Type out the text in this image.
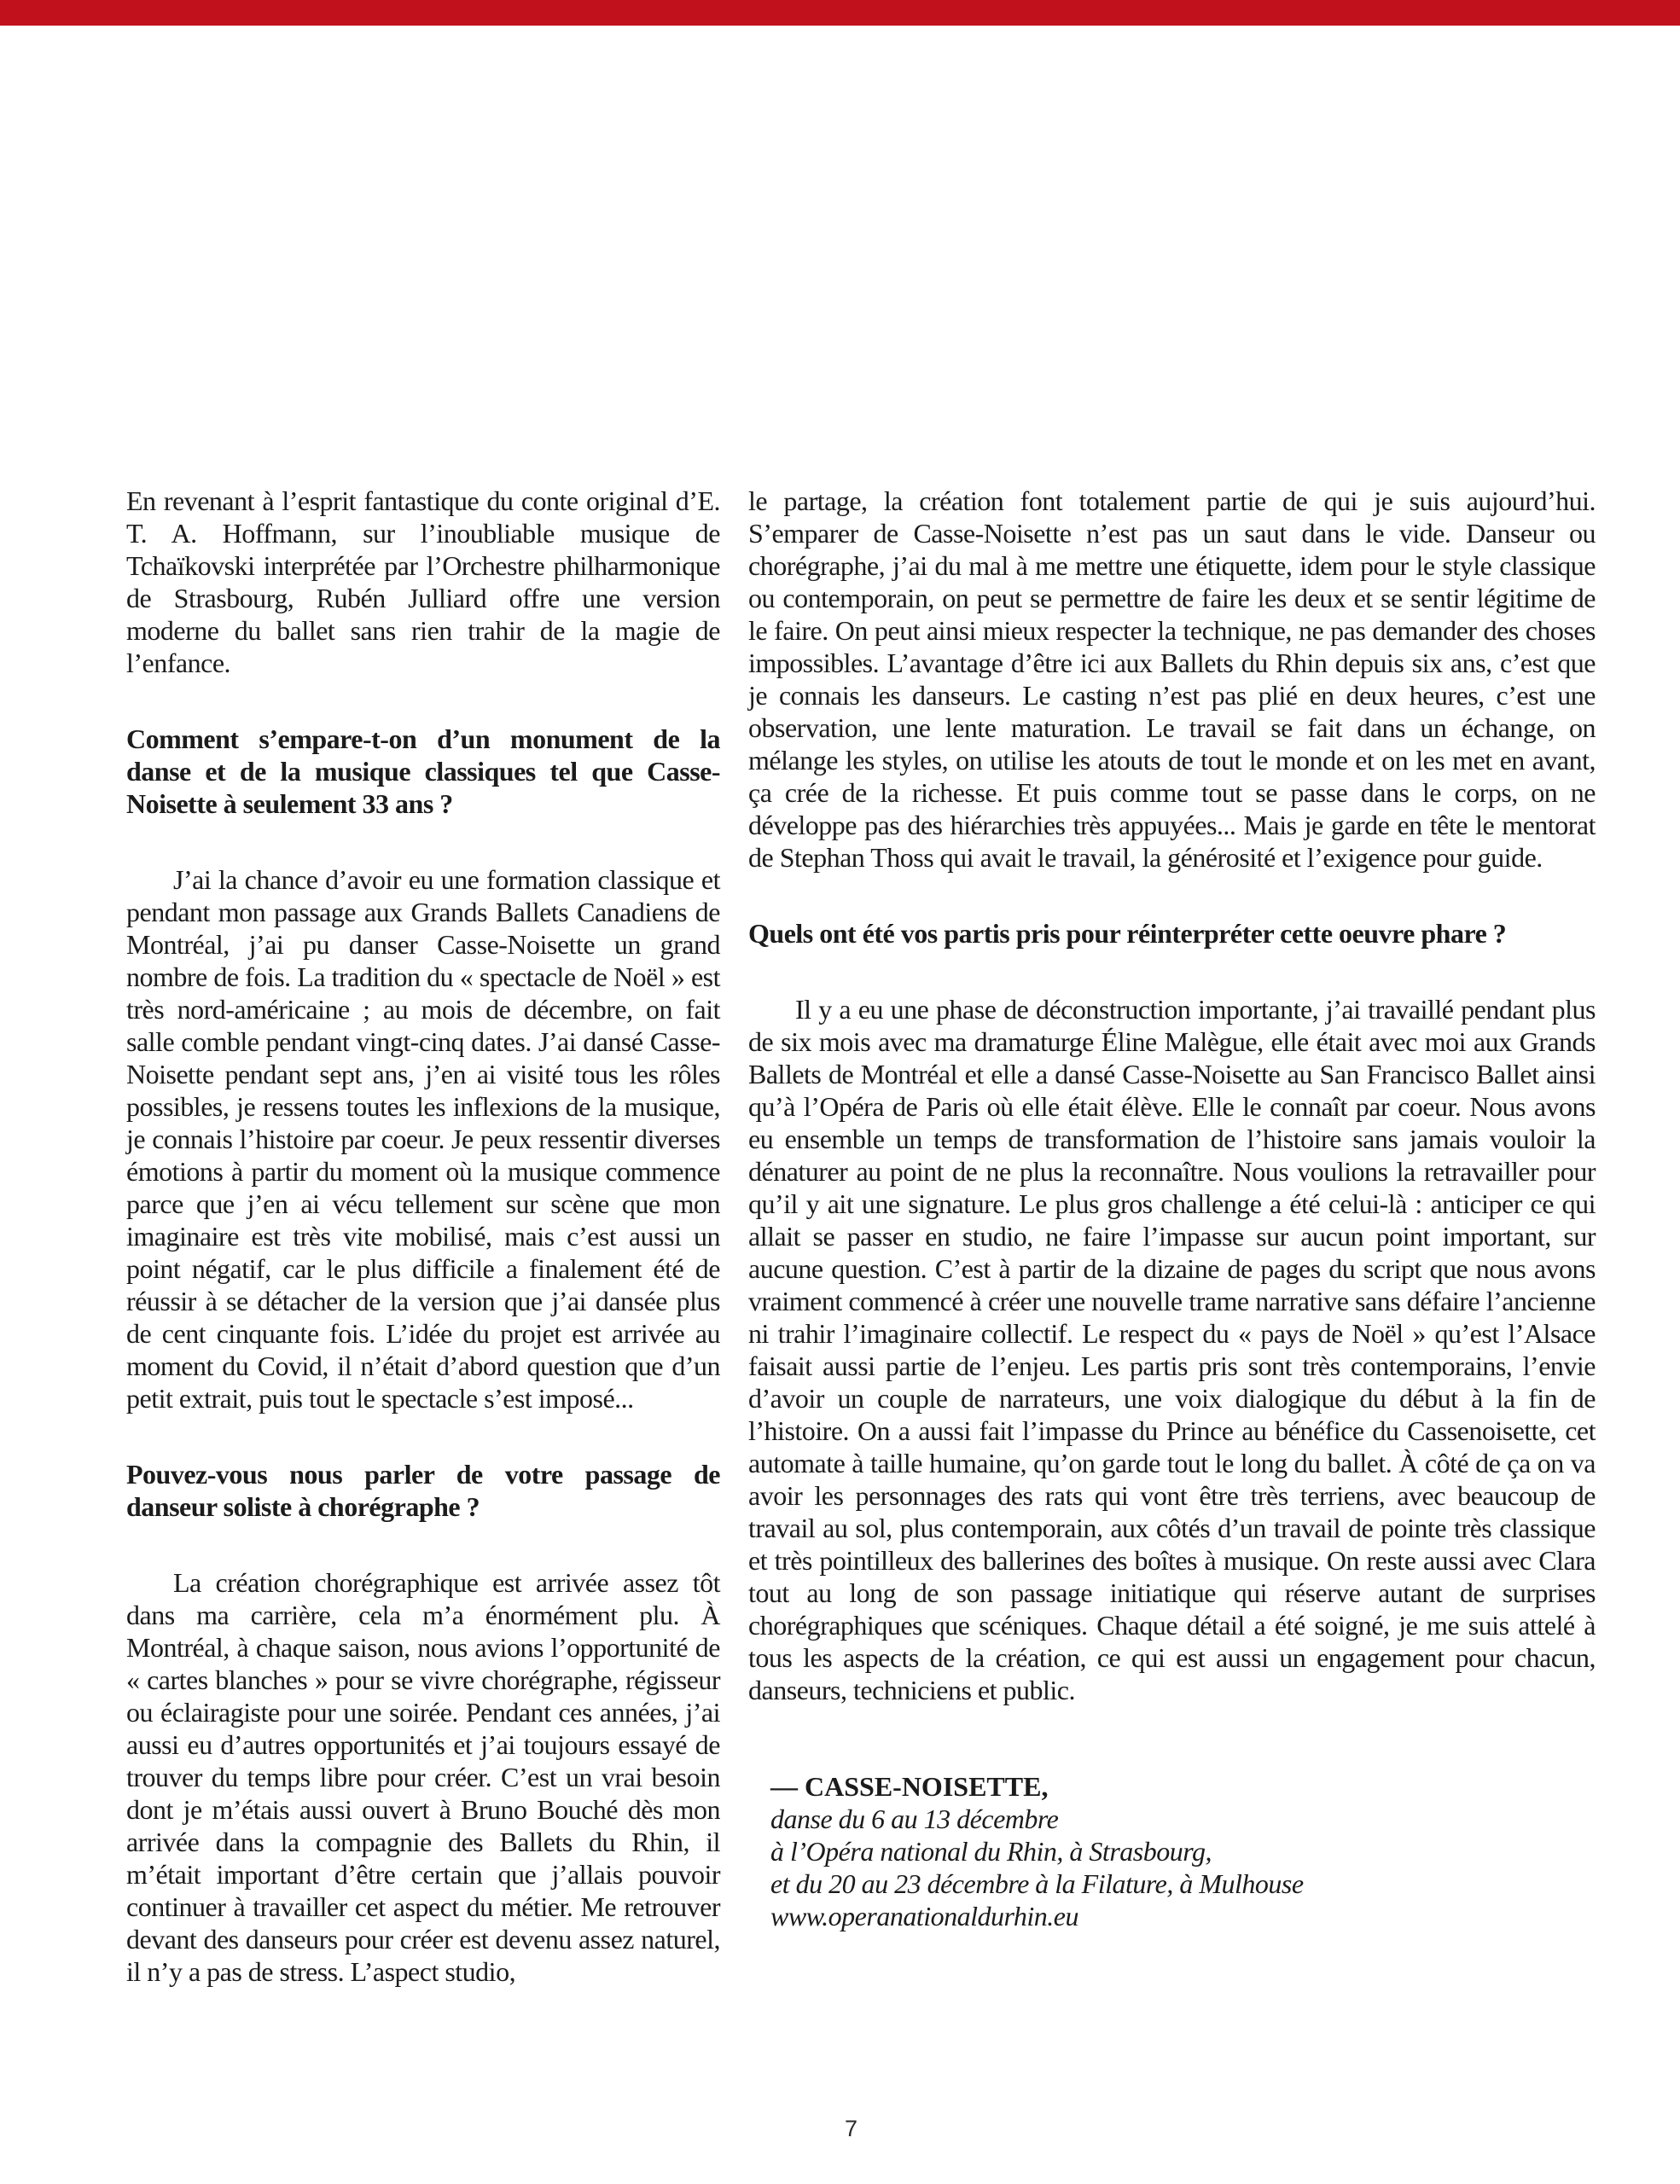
En revenant à l’esprit fantastique du conte original d’E. T. A. Hoffmann, sur l’inoubliable musique de Tchaïkovski interprétée par l’Orchestre philharmonique de Strasbourg, Rubén Julliard offre une version moderne du ballet sans rien trahir de la magie de l’enfance.

Comment s’empare-t-on d’un monument de la danse et de la musique classiques tel que Casse-Noisette à seulement 33 ans ?

J’ai la chance d’avoir eu une formation classique et pendant mon passage aux Grands Ballets Canadiens de Montréal, j’ai pu danser Casse-Noisette un grand nombre de fois. La tradition du « spectacle de Noël » est très nord-américaine ; au mois de décembre, on fait salle comble pendant vingt-cinq dates. J’ai dansé Casse-Noisette pendant sept ans, j’en ai visité tous les rôles possibles, je ressens toutes les inflexions de la musique, je connais l’histoire par coeur. Je peux ressentir diverses émotions à partir du moment où la musique commence parce que j’en ai vécu tellement sur scène que mon imaginaire est très vite mobilisé, mais c’est aussi un point négatif, car le plus difficile a finalement été de réussir à se détacher de la version que j’ai dansée plus de cent cinquante fois. L’idée du projet est arrivée au moment du Covid, il n’était d’abord question que d’un petit extrait, puis tout le spectacle s’est imposé...

Pouvez-vous nous parler de votre passage de danseur soliste à chorégraphe ?

La création chorégraphique est arrivée assez tôt dans ma carrière, cela m’a énormément plu. À Montréal, à chaque saison, nous avions l’opportunité de « cartes blanches » pour se vivre chorégraphe, régisseur ou éclairagiste pour une soirée. Pendant ces années, j’ai aussi eu d’autres opportunités et j’ai toujours essayé de trouver du temps libre pour créer. C’est un vrai besoin dont je m’étais aussi ouvert à Bruno Bouché dès mon arrivée dans la compagnie des Ballets du Rhin, il m’était important d’être certain que j’allais pouvoir continuer à travailler cet aspect du métier. Me retrouver devant des danseurs pour créer est devenu assez naturel, il n’y a pas de stress. L’aspect studio,

le partage, la création font totalement partie de qui je suis aujourd’hui. S’emparer de Casse-Noisette n’est pas un saut dans le vide. Danseur ou chorégraphe, j’ai du mal à me mettre une étiquette, idem pour le style classique ou contemporain, on peut se permettre de faire les deux et se sentir légitime de le faire. On peut ainsi mieux respecter la technique, ne pas demander des choses impossibles. L’avantage d’être ici aux Ballets du Rhin depuis six ans, c’est que je connais les danseurs. Le casting n’est pas plié en deux heures, c’est une observation, une lente maturation. Le travail se fait dans un échange, on mélange les styles, on utilise les atouts de tout le monde et on les met en avant, ça crée de la richesse. Et puis comme tout se passe dans le corps, on ne développe pas des hiérarchies très appuyées... Mais je garde en tête le mentorat de Stephan Thoss qui avait le travail, la générosité et l’exigence pour guide.

Quels ont été vos partis pris pour réinterpréter cette oeuvre phare ?

Il y a eu une phase de déconstruction importante, j’ai travaillé pendant plus de six mois avec ma dramaturge Éline Malègue, elle était avec moi aux Grands Ballets de Montréal et elle a dansé Casse-Noisette au San Francisco Ballet ainsi qu’à l’Opéra de Paris où elle était élève. Elle le connaît par coeur. Nous avons eu ensemble un temps de transformation de l’histoire sans jamais vouloir la dénaturer au point de ne plus la reconnaître. Nous voulions la retravailler pour qu’il y ait une signature. Le plus gros challenge a été celui-là : anticiper ce qui allait se passer en studio, ne faire l’impasse sur aucun point important, sur aucune question. C’est à partir de la dizaine de pages du script que nous avons vraiment commencé à créer une nouvelle trame narrative sans défaire l’ancienne ni trahir l’imaginaire collectif. Le respect du « pays de Noël » qu’est l’Alsace faisait aussi partie de l’enjeu. Les partis pris sont très contemporains, l’envie d’avoir un couple de narrateurs, une voix dialogique du début à la fin de l’histoire. On a aussi fait l’impasse du Prince au bénéfice du Cassenoisette, cet automate à taille humaine, qu’on garde tout le long du ballet. À côté de ça on va avoir les personnages des rats qui vont être très terriens, avec beaucoup de travail au sol, plus contemporain, aux côtés d’un travail de pointe très classique et très pointilleux des ballerines des boîtes à musique. On reste aussi avec Clara tout au long de son passage initiatique qui réserve autant de surprises chorégraphiques que scéniques. Chaque détail a été soigné, je me suis attelé à tous les aspects de la création, ce qui est aussi un engagement pour chacun, danseurs, techniciens et public.

— CASSE-NOISETTE,
danse du 6 au 13 décembre
à l’Opéra national du Rhin, à Strasbourg,
et du 20 au 23 décembre à la Filature, à Mulhouse
www.operanationaldurhin.eu
7
